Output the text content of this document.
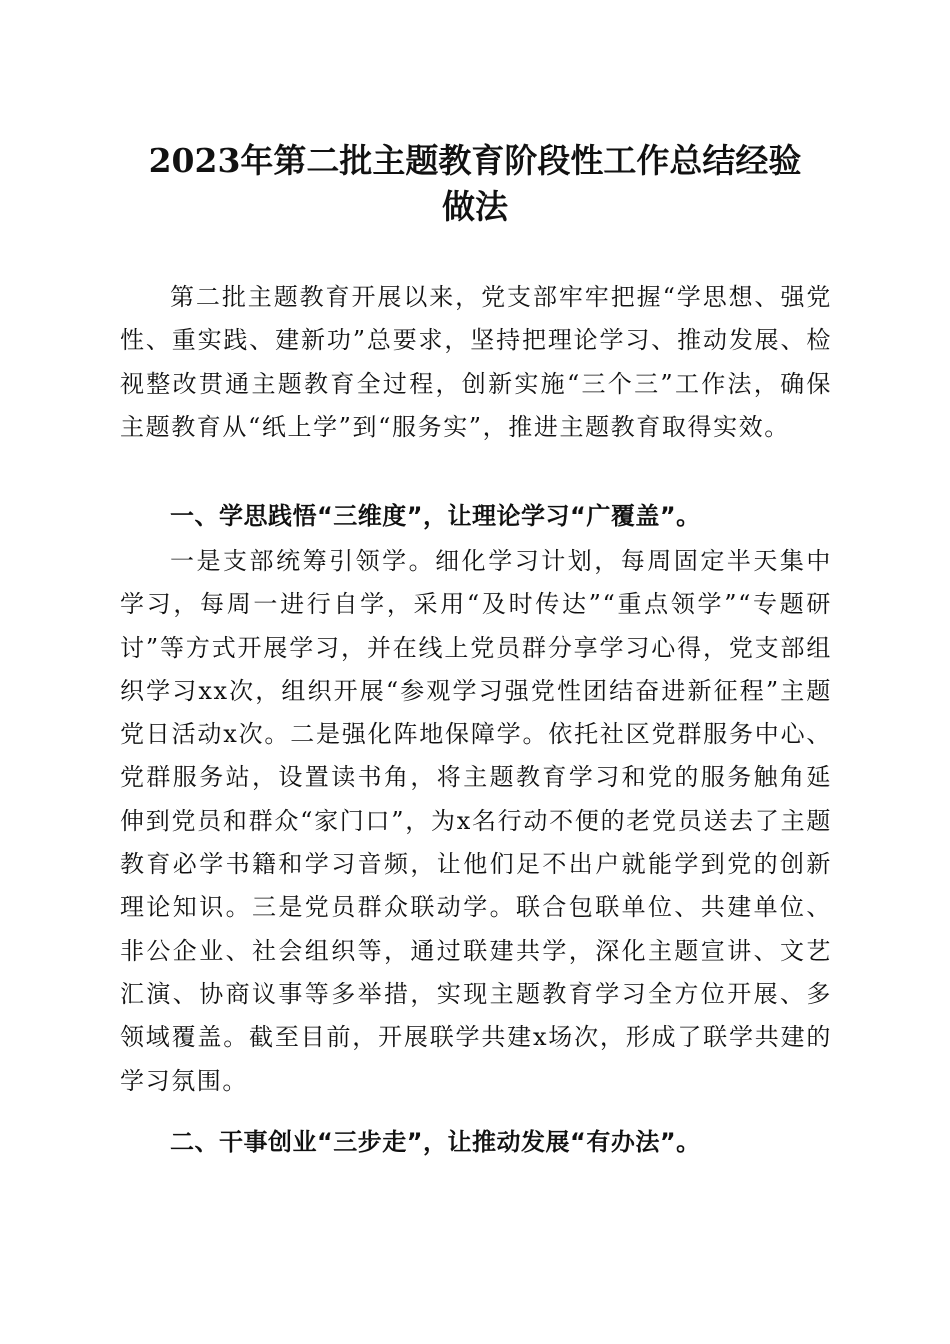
2023年第二批主题教育阶段性工作总结经验
做法

第二批主题教育开展以来，党支部牢牢把握“学思想、强党性、重实践、建新功”总要求，坚持把理论学习、推动发展、检视整改贯通主题教育全过程，创新实施“三个三”工作法，确保主题教育从“纸上学”到“服务实”，推进主题教育取得实效。

一、学思践悟“三维度”，让理论学习“广覆盖”。

一是支部统筹引领学。细化学习计划，每周固定半天集中学习，每周一进行自学，采用“及时传达”“重点领学”“专题研讨”等方式开展学习，并在线上党员群分享学习心得，党支部组织学习xx次，组织开展“参观学习强党性团结奋进新征程”主题党日活动x次。二是强化阵地保障学。依托社区党群服务中心、党群服务站，设置读书角，将主题教育学习和党的服务触角延伸到党员和群众“家门口”，为x名行动不便的老党员送去了主题教育必学书籍和学习音频，让他们足不出户就能学到党的创新理论知识。三是党员群众联动学。联合包联单位、共建单位、非公企业、社会组织等，通过联建共学，深化主题宣讲、文艺汇演、协商议事等多举措，实现主题教育学习全方位开展、多领域覆盖。截至目前，开展联学共建x场次，形成了联学共建的学习氛围。

二、干事创业“三步走”，让推动发展“有办法”。
